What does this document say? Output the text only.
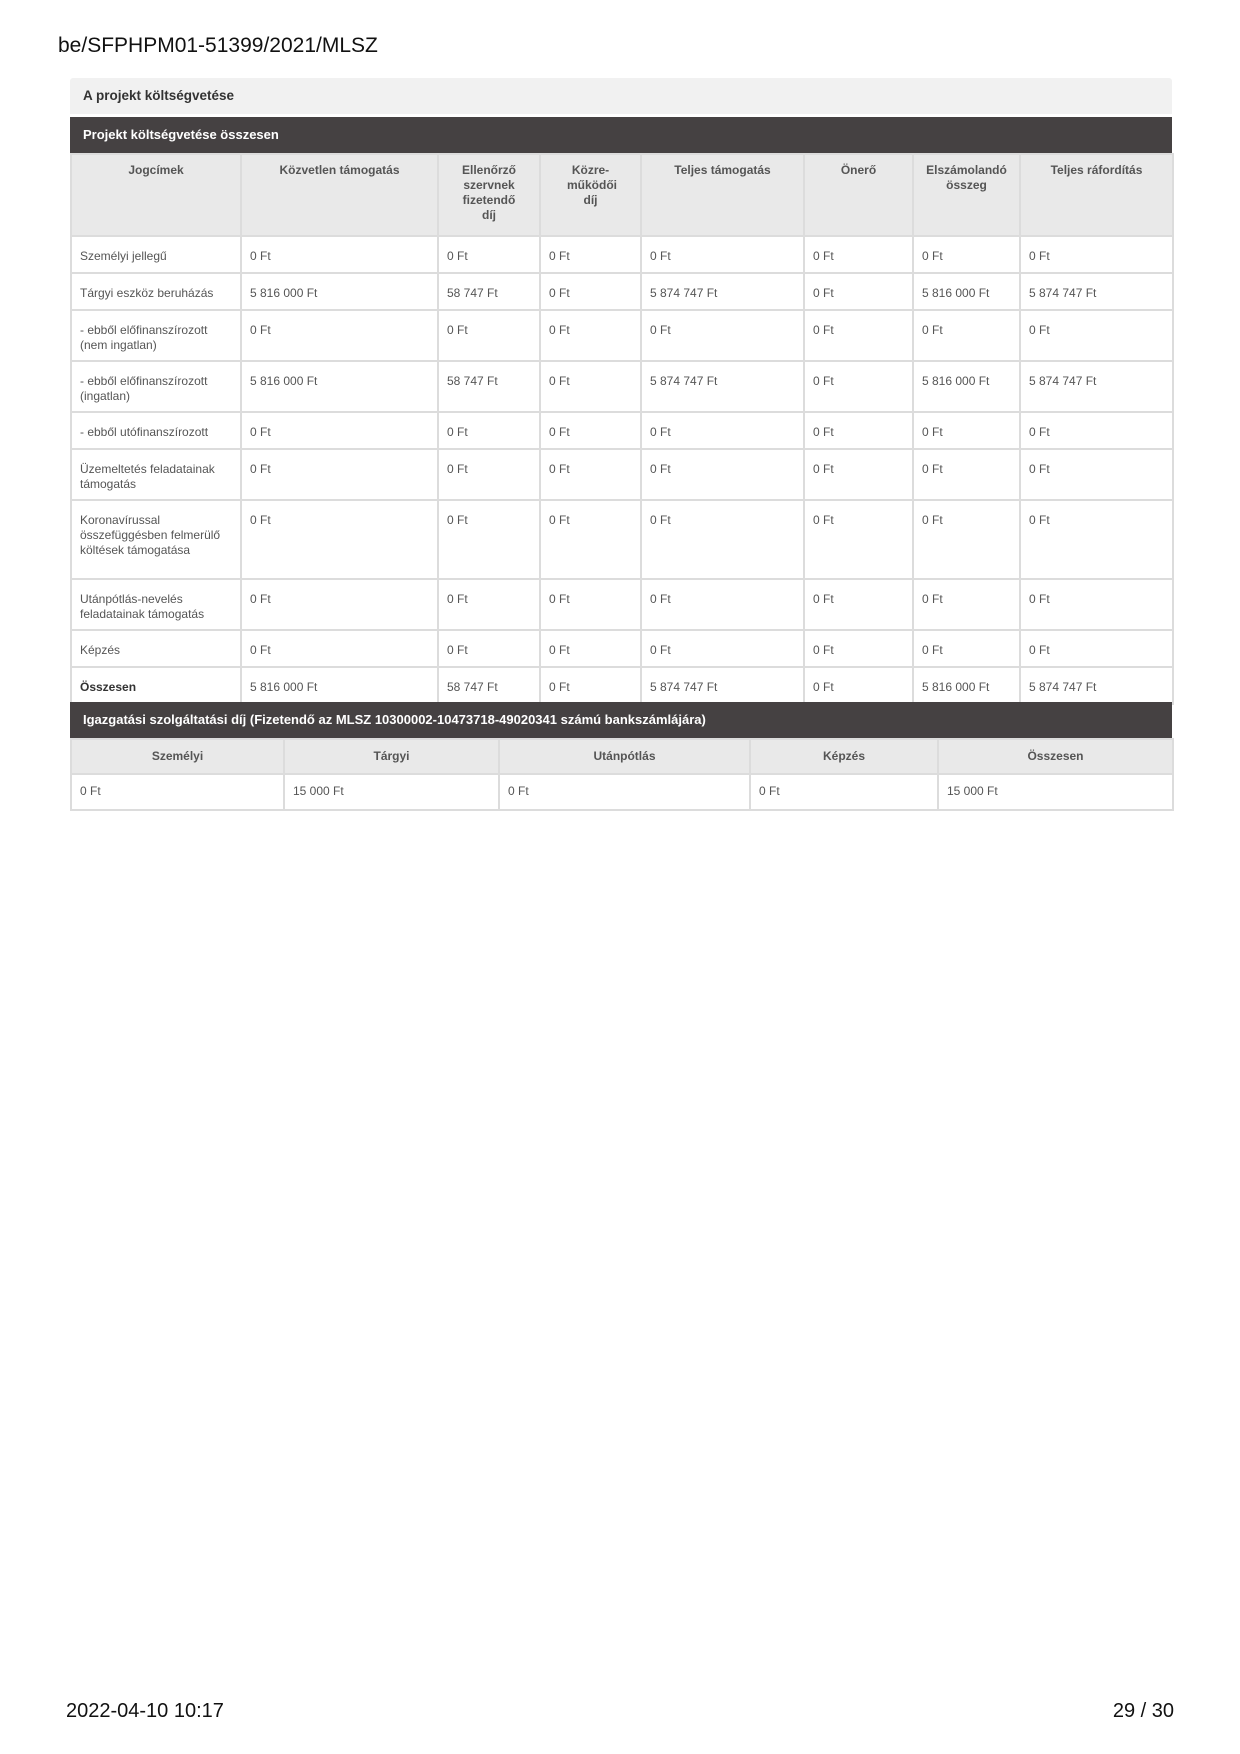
be/SFPHPM01-51399/2021/MLSZ
A projekt költségvetése
Projekt költségvetése összesen
Jogcímek	Közvetlen támogatás	Ellenőrző szervnek fizetendő díj	Közre-működői díj	Teljes támogatás	Önerő	Elszámolandó összeg	Teljes ráfordítás
Személyi jellegű	0 Ft	0 Ft	0 Ft	0 Ft	0 Ft	0 Ft	0 Ft
Tárgyi eszköz beruházás	5 816 000 Ft	58 747 Ft	0 Ft	5 874 747 Ft	0 Ft	5 816 000 Ft	5 874 747 Ft
- ebből előfinanszírozott (nem ingatlan)	0 Ft	0 Ft	0 Ft	0 Ft	0 Ft	0 Ft	0 Ft
- ebből előfinanszírozott (ingatlan)	5 816 000 Ft	58 747 Ft	0 Ft	5 874 747 Ft	0 Ft	5 816 000 Ft	5 874 747 Ft
- ebből utófinanszírozott	0 Ft	0 Ft	0 Ft	0 Ft	0 Ft	0 Ft	0 Ft
Üzemeltetés feladatainak támogatás	0 Ft	0 Ft	0 Ft	0 Ft	0 Ft	0 Ft	0 Ft
Koronavírussal összefüggésben felmerülő költések támogatása	0 Ft	0 Ft	0 Ft	0 Ft	0 Ft	0 Ft	0 Ft
Utánpótlás-nevelés feladatainak támogatás	0 Ft	0 Ft	0 Ft	0 Ft	0 Ft	0 Ft	0 Ft
Képzés	0 Ft	0 Ft	0 Ft	0 Ft	0 Ft	0 Ft	0 Ft
Összesen	5 816 000 Ft	58 747 Ft	0 Ft	5 874 747 Ft	0 Ft	5 816 000 Ft	5 874 747 Ft
Igazgatási szolgáltatási díj (Fizetendő az MLSZ 10300002-10473718-49020341 számú bankszámlájára)
Személyi	Tárgyi	Utánpótlás	Képzés	Összesen
0 Ft	15 000 Ft	0 Ft	0 Ft	15 000 Ft
2022-04-10 10:17	29 / 30
